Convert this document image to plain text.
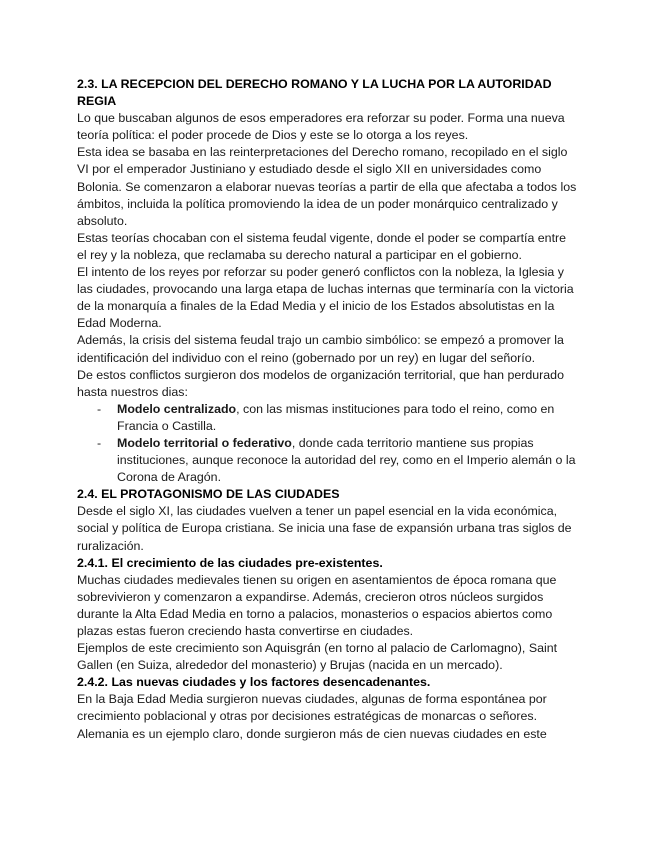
2.3. LA RECEPCION DEL DERECHO ROMANO Y LA LUCHA POR LA AUTORIDAD REGIA

Lo que buscaban algunos de esos emperadores era reforzar su poder. Forma una nueva teoría política: el poder procede de Dios y este se lo otorga a los reyes.

Esta idea se basaba en las reinterpretaciones del Derecho romano, recopilado en el siglo VI por el emperador Justiniano y estudiado desde el siglo XII en universidades como Bolonia. Se comenzaron a elaborar nuevas teorías a partir de ella que afectaba a todos los ámbitos, incluida la política promoviendo la idea de un poder monárquico centralizado y absoluto.

Estas teorías chocaban con el sistema feudal vigente, donde el poder se compartía entre el rey y la nobleza, que reclamaba su derecho natural a participar en el gobierno.

El intento de los reyes por reforzar su poder generó conflictos con la nobleza, la Iglesia y las ciudades, provocando una larga etapa de luchas internas que terminaría con la victoria de la monarquía a finales de la Edad Media y el inicio de los Estados absolutistas en la Edad Moderna.

Además, la crisis del sistema feudal trajo un cambio simbólico: se empezó a promover la identificación del individuo con el reino (gobernado por un rey) en lugar del señorío.

De estos conflictos surgieron dos modelos de organización territorial, que han perdurado hasta nuestros dias:

- Modelo centralizado, con las mismas instituciones para todo el reino, como en Francia o Castilla.
- Modelo territorial o federativo, donde cada territorio mantiene sus propias instituciones, aunque reconoce la autoridad del rey, como en el Imperio alemán o la Corona de Aragón.

2.4. EL PROTAGONISMO DE LAS CIUDADES

Desde el siglo XI, las ciudades vuelven a tener un papel esencial en la vida económica, social y política de Europa cristiana. Se inicia una fase de expansión urbana tras siglos de ruralización.

2.4.1. El crecimiento de las ciudades pre-existentes.

Muchas ciudades medievales tienen su origen en asentamientos de época romana que sobrevivieron y comenzaron a expandirse. Además, crecieron otros núcleos surgidos durante la Alta Edad Media en torno a palacios, monasterios o espacios abiertos como plazas estas fueron creciendo hasta convertirse en ciudades.

Ejemplos de este crecimiento son Aquisgrán (en torno al palacio de Carlomagno), Saint Gallen (en Suiza, alrededor del monasterio) y Brujas (nacida en un mercado).

2.4.2. Las nuevas ciudades y los factores desencadenantes.

En la Baja Edad Media surgieron nuevas ciudades, algunas de forma espontánea por crecimiento poblacional y otras por decisiones estratégicas de monarcas o señores.

Alemania es un ejemplo claro, donde surgieron más de cien nuevas ciudades en este
